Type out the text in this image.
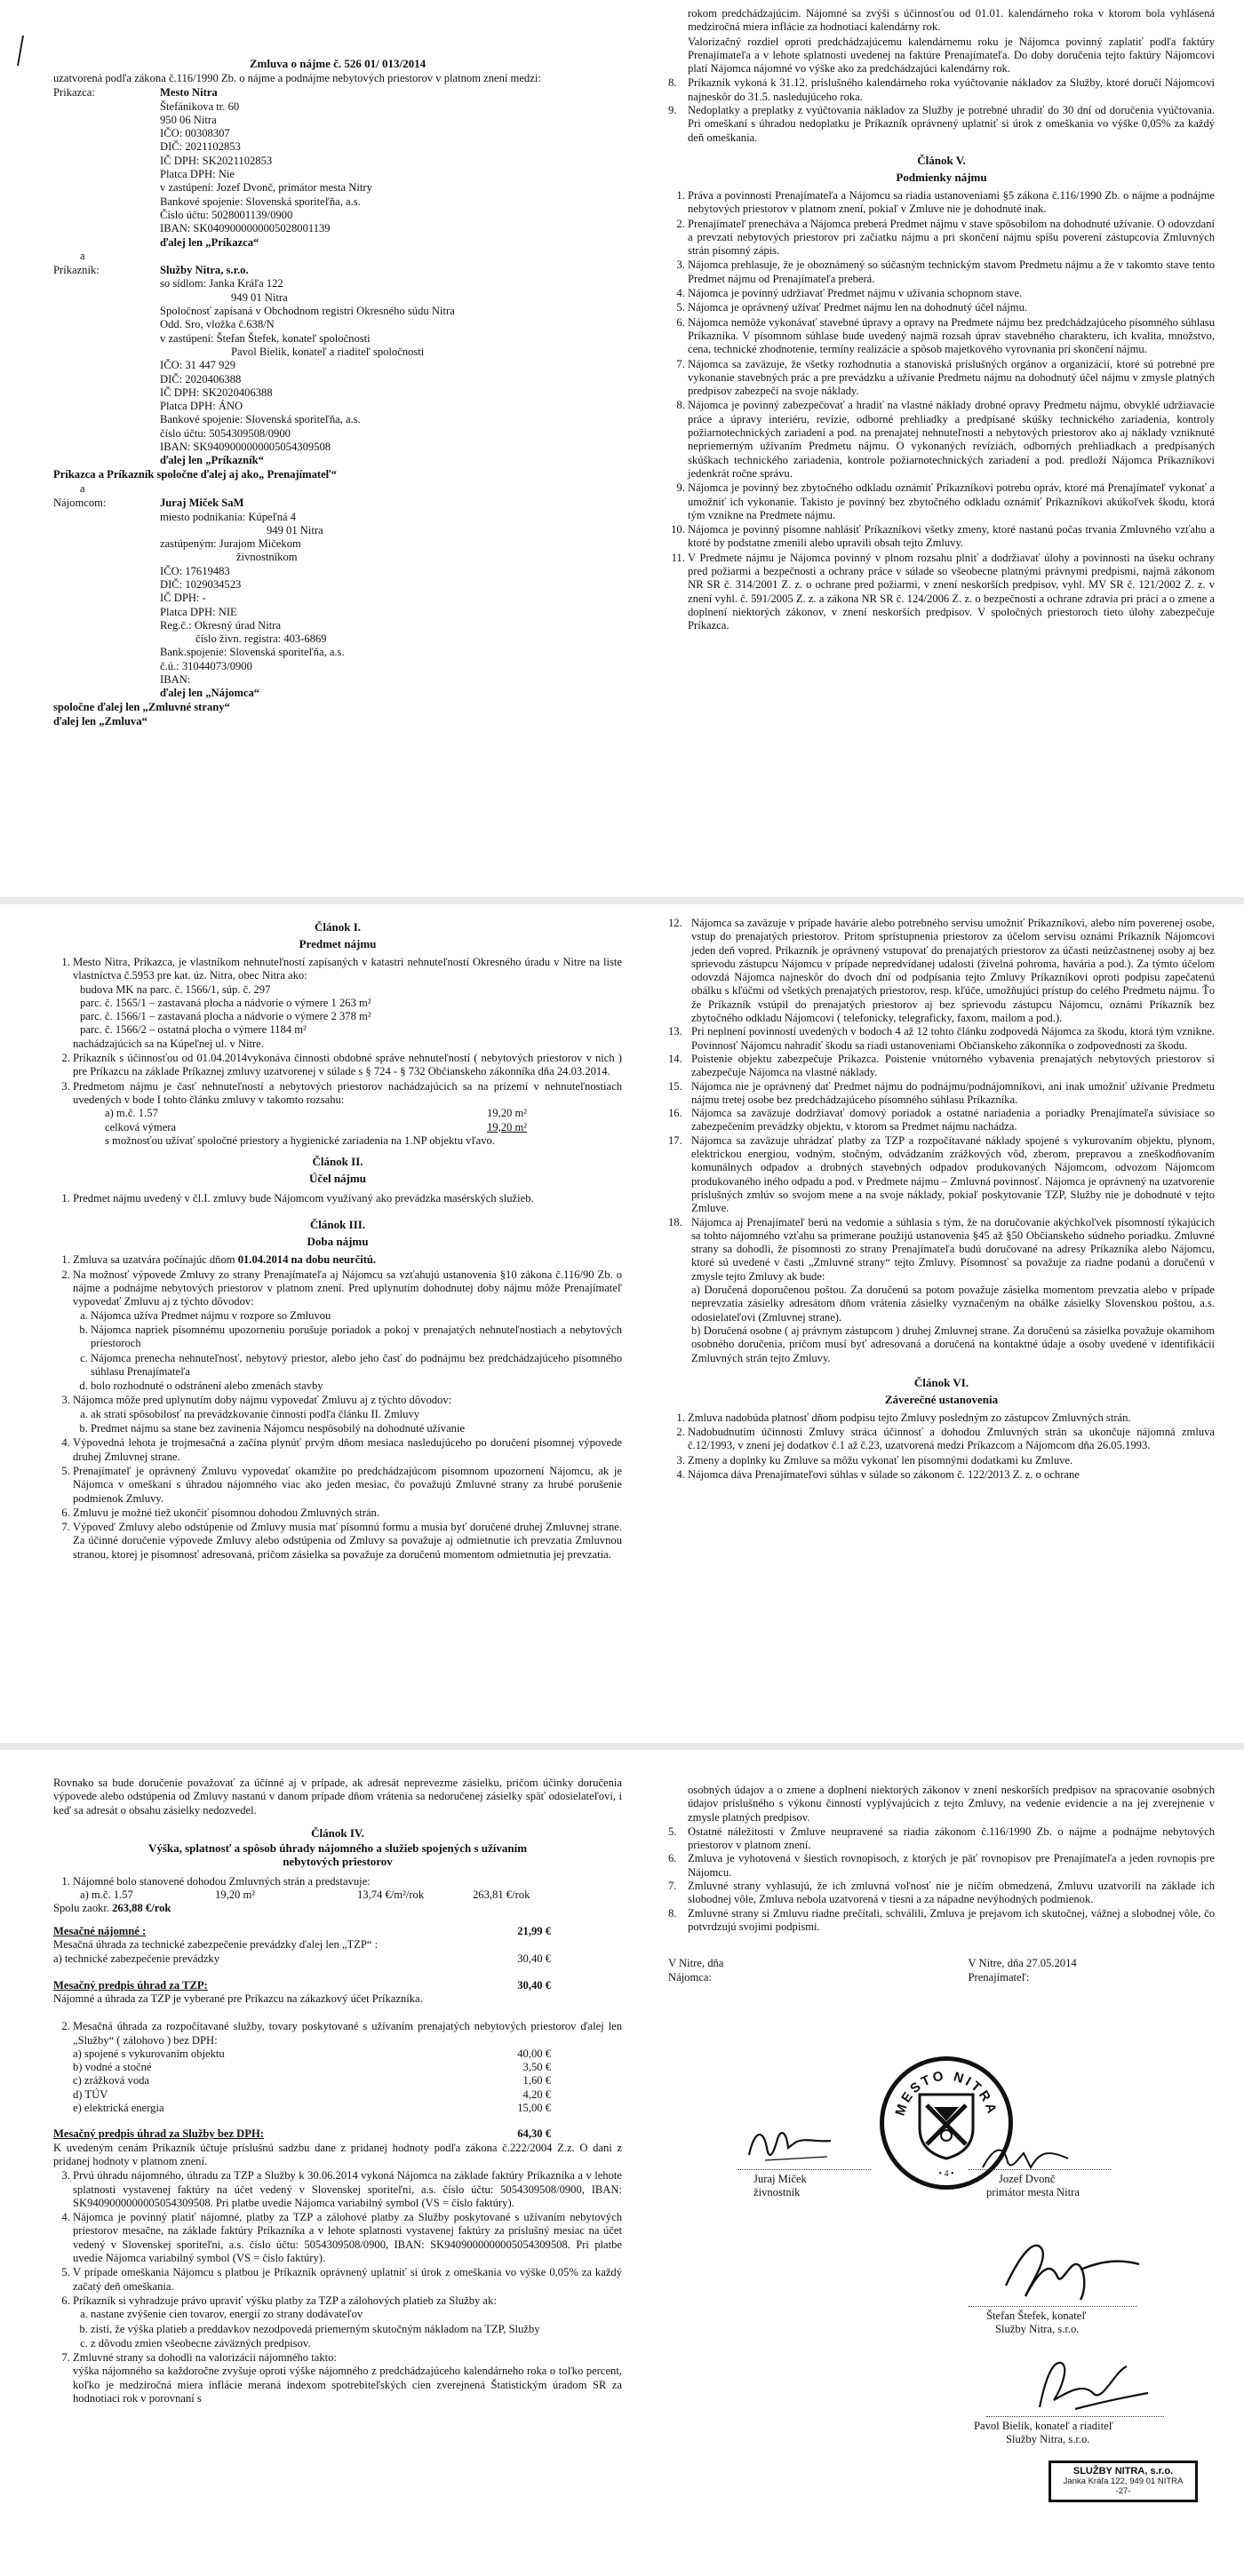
Zmluva o nájme č. 526 01/ 013/2014

uzatvorená podľa zákona č.116/1990 Zb. o nájme a podnájme nebytových priestorov v platnom znení medzi:

Prikazca:	Mesto Nitra
Štefánikova tr. 60
950 06 Nitra
IČO: 00308307
DIČ: 2021102853
IČ DPH: SK2021102853
Platca DPH: Nie
v zastúpení: Jozef Dvonč, primátor mesta Nitry
Bankové spojenie: Slovenská sporiteľňa, a.s.
Číslo účtu: 5028001139/0900
IBAN: SK0409000000005028001139
ďalej len „Príkazca“

a

Príkazník:	Služby Nitra, s.r.o.
so sídlom: Janka Kráľa 122
949 01 Nitra
Spoločnosť zapísaná v Obchodnom registri Okresného súdu Nitra
Odd. Sro, vložka č.638/N
v zastúpení: Štefan Štefek, konateľ spoločnosti
Pavol Bielik, konateľ a riaditeľ spoločnosti
IČO: 31 447 929
DIČ: 2020406388
IČ DPH: SK2020406388
Platca DPH: ÁNO
Bankové spojenie: Slovenská sporiteľňa, a.s.
číslo účtu: 5054309508/0900
IBAN: SK9409000000005054309508
ďalej len „Príkazník“

Príkazca a Príkazník spoločne ďalej aj ako„ Prenajímateľ“

a

Nájomcom:	Juraj Miček SaM
miesto podnikania: Kúpeľná 4
949 01 Nitra
zastúpeným: Jurajom Mičekom
živnostníkom
IČO: 17619483
DIČ: 1029034523
IČ DPH: -
Platca DPH: NIE
Reg.č.: Okresný úrad Nitra
číslo živn. registra: 403-6869
Bank.spojenie: Slovenská sporiteľňa, a.s.
č.ú.: 31044073/0900
IBAN:
ďalej len „Nájomca“

spoločne ďalej len „Zmluvné strany“

ďalej len „Zmluva“

rokom predchádzajúcim. Nájomné sa zvýši s účinnosťou od 01.01. kalendárneho roka v ktorom bola vyhlásená medziročná miera inflácie za hodnotiaci kalendárny rok.

Valorizačný rozdiel oproti predchádzajúcemu kalendárnemu roku je Nájomca povinný zaplatiť podľa faktúry Prenajímateľa a v lehote splatnosti uvedenej na faktúre Prenajímateľa. Do doby doručenia tejto faktúry Nájomcovi platí Nájomca nájomné vo výške ako za predchádzajúci kalendárny rok.

8. Príkazník vykoná k 31.12. príslušného kalendárneho roka vyúčtovanie nákladov za Služby, ktoré doručí Nájomcovi najneskôr do 31.5. nasledujúceho roka.
9. Nedoplatky a preplatky z vyúčtovania nákladov za Služby je potrebné uhradiť do 30 dní od doručenia vyúčtovania. Pri omeškaní s úhradou nedoplatku je Príkazník oprávnený uplatniť si úrok z omeškania vo výške 0,05% za každý deň omeškania.
Článok V.
Podmienky nájmu
1. Práva a povinnosti Prenajímateľa a Nájomcu sa riadia ustanoveniami §5 zákona č.116/1990 Zb. o nájme a podnájme nebytových priestorov v platnom znení, pokiaľ v Zmluve nie je dohodnuté inak.
2. Prenajímateľ prenecháva a Nájomca preberá Predmet nájmu v stave spôsobilom na dohodnuté užívanie. O odovzdaní a prevzatí nebytových priestorov pri začiatku nájmu a pri skončení nájmu spíšu poverení zástupcovia Zmluvných strán písomný zápis.
3. Nájomca prehlasuje, že je oboznámený so súčasným technickým stavom Predmetu nájmu a že v takomto stave tento Predmet nájmu od Prenajímateľa preberá.
4. Nájomca je povinný udržiavať Predmet nájmu v užívania schopnom stave.
5. Nájomca je oprávnený užívať Predmet nájmu len na dohodnutý účel nájmu.
6. Nájomca nemôže vykonávať stavebné úpravy a opravy na Predmete nájmu bez predchádzajúceho písomného súhlasu Príkazníka. V písomnom súhlase bude uvedený najmä rozsah úprav stavebného charakteru, ich kvalita, množstvo, cena, technické zhodnotenie, termíny realizácie a spôsob majetkového vyrovnania pri skončení nájmu.
7. Nájomca sa zaväzuje, že všetky rozhodnutia a stanoviská príslušných orgánov a organizácií, ktoré sú potrebné pre vykonanie stavebných prác a pre prevádzku a užívanie Predmetu nájmu na dohodnutý účel nájmu v zmysle platných predpisov zabezpečí na svoje náklady.
8. Nájomca je povinný zabezpečovať a hradiť na vlastné náklady drobné opravy Predmetu nájmu, obvyklé udržiavacie práce a úpravy interiéru, revízie, odborné prehliadky a predpísané skúšky technického zariadenia, kontroly požiarnotechnických zariadení a pod. na prenajatej nehnuteľnosti a nebytových priestorov ako aj náklady vzniknuté nepriemerným užívaním Predmetu nájmu. O vykonaných revíziách, odborných prehliadkach a predpísaných skúškach technického zariadenia, kontrole požiarnotechnických zariadení a pod. predloží Nájomca Príkazníkovi jedenkrát ročne správu.
9. Nájomca je povinný bez zbytočného odkladu oznámiť Príkazníkovi potrebu opráv, ktoré má Prenajímateľ vykonať a umožniť ich vykonanie. Takisto je povinný bez zbytočného odkladu oznámiť Príkazníkovi akúkoľvek škodu, ktorá tým vznikne na Predmete nájmu.
10. Nájomca je povinný písomne nahlásiť Príkazníkovi všetky zmeny, ktoré nastanú počas trvania Zmluvného vzťahu a ktoré by podstatne zmenili alebo upravili obsah tejto Zmluvy.
11. V Predmete nájmu je Nájomca povinný v plnom rozsahu plniť a dodržiavať úlohy a povinnosti na úseku ochrany pred požiarmi a bezpečnosti a ochrany práce v súlade so všeobecne platnými právnymi predpismi, najmä zákonom NR SR č. 314/2001 Z. z. o ochrane pred požiarmi, v znení neskorších predpisov, vyhl. MV SR č. 121/2002 Z. z. v znení vyhl. č. 591/2005 Z. z. a zákona NR SR č. 124/2006 Z. z. o bezpečnosti a ochrane zdravia pri práci a o zmene a doplnení niektorých zákonov, v znení neskorších predpisov. V spoločných priestoroch tieto úlohy zabezpečuje Príkazca.
Článok I.
Predmet nájmu
1. Mesto Nitra, Príkazca, je vlastníkom nehnuteľností zapísaných v katastri nehnuteľností Okresného úradu v Nitre na liste vlastníctva č.5953 pre kat. úz. Nitra, obec Nitra ako:
budova MK na parc. č. 1566/1, súp. č. 297
parc. č. 1565/1 – zastavaná plocha a nádvorie o výmere 1 263 m²
parc. č. 1566/1 – zastavaná plocha a nádvorie o výmere 2 378 m²
parc. č. 1566/2 – ostatná plocha o výmere 1184 m²
nachádzajúcich sa na Kúpeľnej ul. v Nitre.
2. Príkazník s účinnosťou od 01.04.2014vykonáva činnosti obdobné správe nehnuteľností ( nebytových priestorov v nich ) pre Príkazcu na základe Príkaznej zmluvy uzatvorenej v súlade s § 724 - § 732 Občianskeho zákonníka dňa 24.03.2014.
3. Predmetom nájmu je časť nehnuteľností a nebytových priestorov nachádzajúcich sa na prízemí v nehnuteľnostiach uvedených v bode I tohto článku zmluvy v takomto rozsahu:
a) m.č. 1.57	19,20 m²
celková výmera	19,20 m²
s možnosťou užívať spoločné priestory a hygienické zariadenia na 1.NP objektu vľavo.
Článok II.
Účel nájmu
1. Predmet nájmu uvedený v čl.I. zmluvy bude Nájomcom využívaný ako prevádzka masérských služieb.
Článok III.
Doba nájmu
1. Zmluva sa uzatvára počínajúc dňom 01.04.2014 na dobu neurčitú.
2. Na možnosť výpovede Zmluvy zo strany Prenajímateľa aj Nájomcu sa vzťahujú ustanovenia §10 zákona č.116/90 Zb. o nájme a podnájme nebytových priestorov v platnom znení. Pred uplynutím dohodnutej doby nájmu môže Prenajímateľ vypovedať Zmluvu aj z týchto dôvodov:
a. Nájomca užíva Predmet nájmu v rozpore so Zmluvou
b. Nájomca napriek písomnému upozorneniu porušuje poriadok a pokoj v prenajatých nehnuteľnostiach a nebytových priestoroch
c. Nájomca prenecha nehnuteľnosť, nebytový priestor, alebo jeho časť do podnájmu bez predchádzajúceho písomného súhlasu Prenajímateľa
d. bolo rozhodnuté o odstránení alebo zmenách stavby
3. Nájomca môže pred uplynutím doby nájmu vypovedať Zmluvu aj z týchto dôvodov:
a. ak strati spôsobilosť na prevádzkovanie činnosti podľa článku II. Zmluvy
b. Predmet nájmu sa stane bez zavinenia Nájomcu nespôsobilý na dohodnuté užívanie
4. Výpovedná lehota je trojmesačná a začína plynúť prvým dňom mesiaca nasledujúceho po doručení písomnej výpovede druhej Zmluvnej strane.
5. Prenajímateľ je oprávnený Zmluvu vypovedať okamžite po predchádzajúcom písomnom upozornení Nájomcu, ak je Nájomca v omeškaní s úhradou nájomného viac ako jeden mesiac, čo považujú Zmluvné strany za hrubé porušenie podmienok Zmluvy.
6. Zmluvu je možné tiež ukončiť písomnou dohodou Zmluvných strán.
7. Výpoveď Zmluvy alebo odstúpenie od Zmluvy musia mať písomnú formu a musia byť doručené druhej Zmluvnej strane. Za účinné doručenie výpovede Zmluvy alebo odstúpenia od Zmluvy sa považuje aj odmietnutie ich prevzatia Zmluvnou stranou, ktorej je písomnosť adresovaná, pričom zásielka sa považuje za doručenú momentom odmietnutia jej prevzatia.
12. Nájomca sa zaväzuje v prípade havárie alebo potrebného servisu umožniť Príkazníkovi, alebo ním poverenej osobe, vstup do prenajatých priestorov. Pritom sprístupnenia priestorov za účelom servisu oznámi Príkazník Nájomcovi jeden deň vopred. Príkazník je oprávnený vstupovať do prenajatých priestorov za účasti neúzčastnenej osoby aj bez sprievodu zástupcu Nájomcu v prípade nepredvídanej udalosti (živelná pohroma, havária a pod.). Za týmto účelom odovzdá Nájomca najneskôr do dvoch dní od podpísania tejto Zmluvy Príkazníkovi oproti podpisu zapečatenú obálku s kľúčmi od všetkých prenajatých priestorov, resp. kľúče, umožňujúci prístup do celého Predmetu nájmu. Ťo že Príkazník vstúpil do prenajatých priestorov aj bez sprievodu zástupcu Nájomcu, oznámi Príkazník bez zbytočného odkladu Nájomcovi ( telefonicky, telegraficky, faxom, mailom a pod.).
13. Pri neplnení povinností uvedených v bodoch 4 až 12 tohto článku zodpovedá Nájomca za škodu, ktorá tým vznikne. Povinnosť Nájomcu nahradiť škodu sa riadi ustanoveniami Občianskeho zákonníka o zodpovednosti za škodu.
14. Poistenie objektu zabezpečuje Príkazca. Poistenie vnútorného vybavenia prenajatých nebytových priestorov si zabezpečuje Nájomca na vlastné náklady.
15. Nájomca nie je oprávnený dať Predmet nájmu do podnájmu/podnájomníkovi, ani inak umožniť užívanie Predmetu nájmu tretej osobe bez predchádzajúceho písomného súhlasu Príkazníka.
16. Nájomca sa zaväzuje dodržiavať domový poriadok a ostatné nariadenia a poriadky Prenajímateľa súvisiace so zabezpečením prevádzky objektu, v ktorom sa Predmet nájmu nachádza.
17. Nájomca sa zaväzuje uhrádzať platby za TZP a rozpočítavané náklady spojené s vykurovaním objektu, plynom, elektrickou energiou, vodným, stočným, odvádzaním zrážkových vôd, zberom, prepravou a zneškodňovaním komunálnych odpadov a drobných stavebných odpadov produkovaných Nájomcom, odvozom Nájomcom produkovaného iného odpadu a pod. v Predmete nájmu – Zmluvná povinnosť. Nájomca je oprávnený na uzatvorenie príslušných zmlúv so svojom mene a na svoje náklady, pokiaľ poskytovanie TZP, Služby nie je dohodnuté v tejto Zmluve.
18. Nájomca aj Prenajímateľ berú na vedomie a súhlasia s tým, že na doručovanie akýchkoľvek písomností týkajúcich sa tohto nájomného vzťahu sa primerane použijú ustanovenia §45 až §50 Občianskeho súdneho poriadku. Zmluvné strany sa dohodli, že písomnosti zo strany Prenajímateľa budú doručované na adresy Príkazníka alebo Nájomcu, ktoré sú uvedené v časti „Zmluvné strany“ tejto Zmluvy. Písomnosť sa považuje za riadne podanú a doručenú v zmysle tejto Zmluvy ak bude:
a) Doručená doporučenou poštou. Za doručenú sa potom považuje zásielka momentom prevzatia alebo v prípade neprevzatia zásielky adresátom dňom vrátenia zásielky vyznačeným na obálke zásielky Slovenskou poštou, a.s. odosielateľovi (Zmluvnej strane).
b) Doručená osobne ( aj právnym zástupcom ) druhej Zmluvnej strane. Za doručenú sa zásielka považuje okamihom osobného doručenia, pričom musí byť adresovaná a doručená na kontaktné údaje a osoby uvedené v identifikácii Zmluvných strán tejto Zmluvy.
Článok VI.
Záverečné ustanovenia
1. Zmluva nadobúda platnosť dňom podpisu tejto Zmluvy posledným zo zástupcov Zmluvných strán.
2. Nadobudnutím účinnosti Zmluvy stráca účinnosť a dohodou Zmluvných strán sa ukončuje nájomná zmluva č.12/1993, v znení jej dodatkov č.1 až č.23, uzatvorená medzi Príkazcom a Nájomcom dňa 26.05.1993.
3. Zmeny a doplnky ku Zmluve sa môžu vykonať len písomnými dodatkami ku Zmluve.
4. Nájomca dáva Prenajímateľovi súhlas v súlade so zákonom č. 122/2013 Z. z. o ochrane

Rovnako sa bude doručenie považovať za účinné aj v prípade, ak adresát neprevezme zásielku, pričom účinky doručenia výpovede alebo odstúpenia od Zmluvy nastanú v danom prípade dňom vrátenia sa nedoručenej zásielky späť odosielateľovi, i keď sa adresát o obsahu zásielky nedozvedel.

Článok IV.
Výška, splatnosť a spôsob úhrady nájomného a služieb spojených s užívaním
nebytových priestorov
1. Nájomné bolo stanovené dohodou Zmluvných strán a predstavuje:
a) m.č. 1.57	19,20 m²	13,74 €/m²/rok	263,81 €/rok
Spolu zaokr. 263,88 €/rok
Mesačné nájomné :	21,99 €

Mesačná úhrada za technické zabezpečenie prevádzky ďalej len „TZP“ :

a) technické zabezpečenie prevádzky	30,40 €
Mesačný predpis úhrad za TZP:	30,40 €

Nájomné a úhrada za TZP je vyberané pre Príkazcu na zákazkový účet Príkazníka.

2. Mesačná úhrada za rozpočítavané služby, tovary poskytované s užívaním prenajatých nebytových priestorov ďalej len „Služby“ ( zálohovo ) bez DPH:
a) spojené s vykurovaním objektu	40,00 €
b) vodné a stočné	3,50 €
c) zrážková voda	1,60 €
d) TÚV	4,20 €
e) elektrická energia	15,00 €
Mesačný predpis úhrad za Služby bez DPH:	64,30 €

K uvedeným cenám Príkazník účtuje príslušnú sadzbu dane z pridanej hodnoty podľa zákona č.222/2004 Z.z. O dani z pridanej hodnoty v platnom znení.

3. Prvú úhradu nájomného, úhradu za TZP a Služby k 30.06.2014 vykoná Nájomca na základe faktúry Príkazníka a v lehote splatnosti vystavenej faktúry na účet vedený v Slovenskej sporiteľni, a.s. číslo účtu: 5054309508/0900, IBAN: SK9409000000005054309508. Pri platbe uvedie Nájomca variabilný symbol (VS = číslo faktúry).
4. Nájomca je povinný platiť nájomné, platby za TZP a zálohové platby za Služby poskytované s užívaním nebytových priestorov mesačne, na základe faktúry Príkazníka a v lehote splatnosti vystavenej faktúry za príslušný mesiac na účet vedený v Slovenskej sporiteľni, a.s. číslo účtu: 5054309508/0900, IBAN: SK9409000000005054309508. Pri platbe uvedie Nájomca variabilný symbol (VS = číslo faktúry).
5. V prípade omeškania Nájomcu s platbou je Príkazník oprávnený uplatniť si úrok z omeškania vo výške 0,05% za každý začatý deň omeškania.
6. Príkazník si vyhradzuje právo upraviť výšku platby za TZP a zálohových platieb za Služby ak:
a. nastane zvýšenie cien tovarov, energií zo strany dodávateľov
b. zistí, že výška platieb a preddavkov nezodpovedá priemerným skutočným nákladom na TZP, Služby
c. z dôvodu zmien všeobecne záväzných predpisov.
7. Zmluvné strany sa dohodli na valorizácii nájomného takto:
výška nájomného sa každoročne zvyšuje oproti výške nájomného z predchádzajúceho kalendárneho roka o toľko percent, koľko je medziročná miera inflácie meraná indexom spotrebiteľských cien zverejnená Štatistickým úradom SR za hodnotiaci rok v porovnaní s

osobných údajov a o zmene a doplnení niektorých zákonov v znení neskorších predpisov na spracovanie osobných údajov príslušného s výkonu činností vyplývajúcich z tejto Zmluvy, na vedenie evidencie a na jej zverejnenie v zmysle platných predpisov.

5. Ostatné náležitosti v Zmluve neupravené sa riadia zákonom č.116/1990 Zb. o nájme a podnájme nebytových priestorov v platnom znení.
6. Zmluva je vyhotovená v šiestich rovnopisoch, z ktorých je päť rovnopisov pre Prenajímateľa a jeden rovnopis pre Nájomcu.
7. Zmluvné strany vyhlasujú, že ich zmluvná voľnosť nie je ničím obmedzená, Zmluvu uzatvorili na základe ich slobodnej vôle, Zmluva nebola uzatvorená v tiesni a za nápadne nevýhodných podmienok.
8. Zmluvné strany si Zmluvu riadne prečítali, schválili, Zmluva je prejavom ich skutočnej, vážnej a slobodnej vôle, čo potvrdzujú svojimi podpismi.
V Nitre, dňa
Nájomca:
V Nitre, dňa 27.05.2014
Prenajímateľ:
MESTO NITRA
• 4 •
Juraj Miček
živnostník
Jozef Dvonč
primátor mesta Nitra
Štefan Štefek, konateľ
Služby Nitra, s.r.o.
Pavol Bielik, konateľ a riaditeľ
Služby Nitra, s.r.o.
SLUŽBY NITRA, s.r.o.
Janka Kráľa 122, 949 01 NITRA
-27-
